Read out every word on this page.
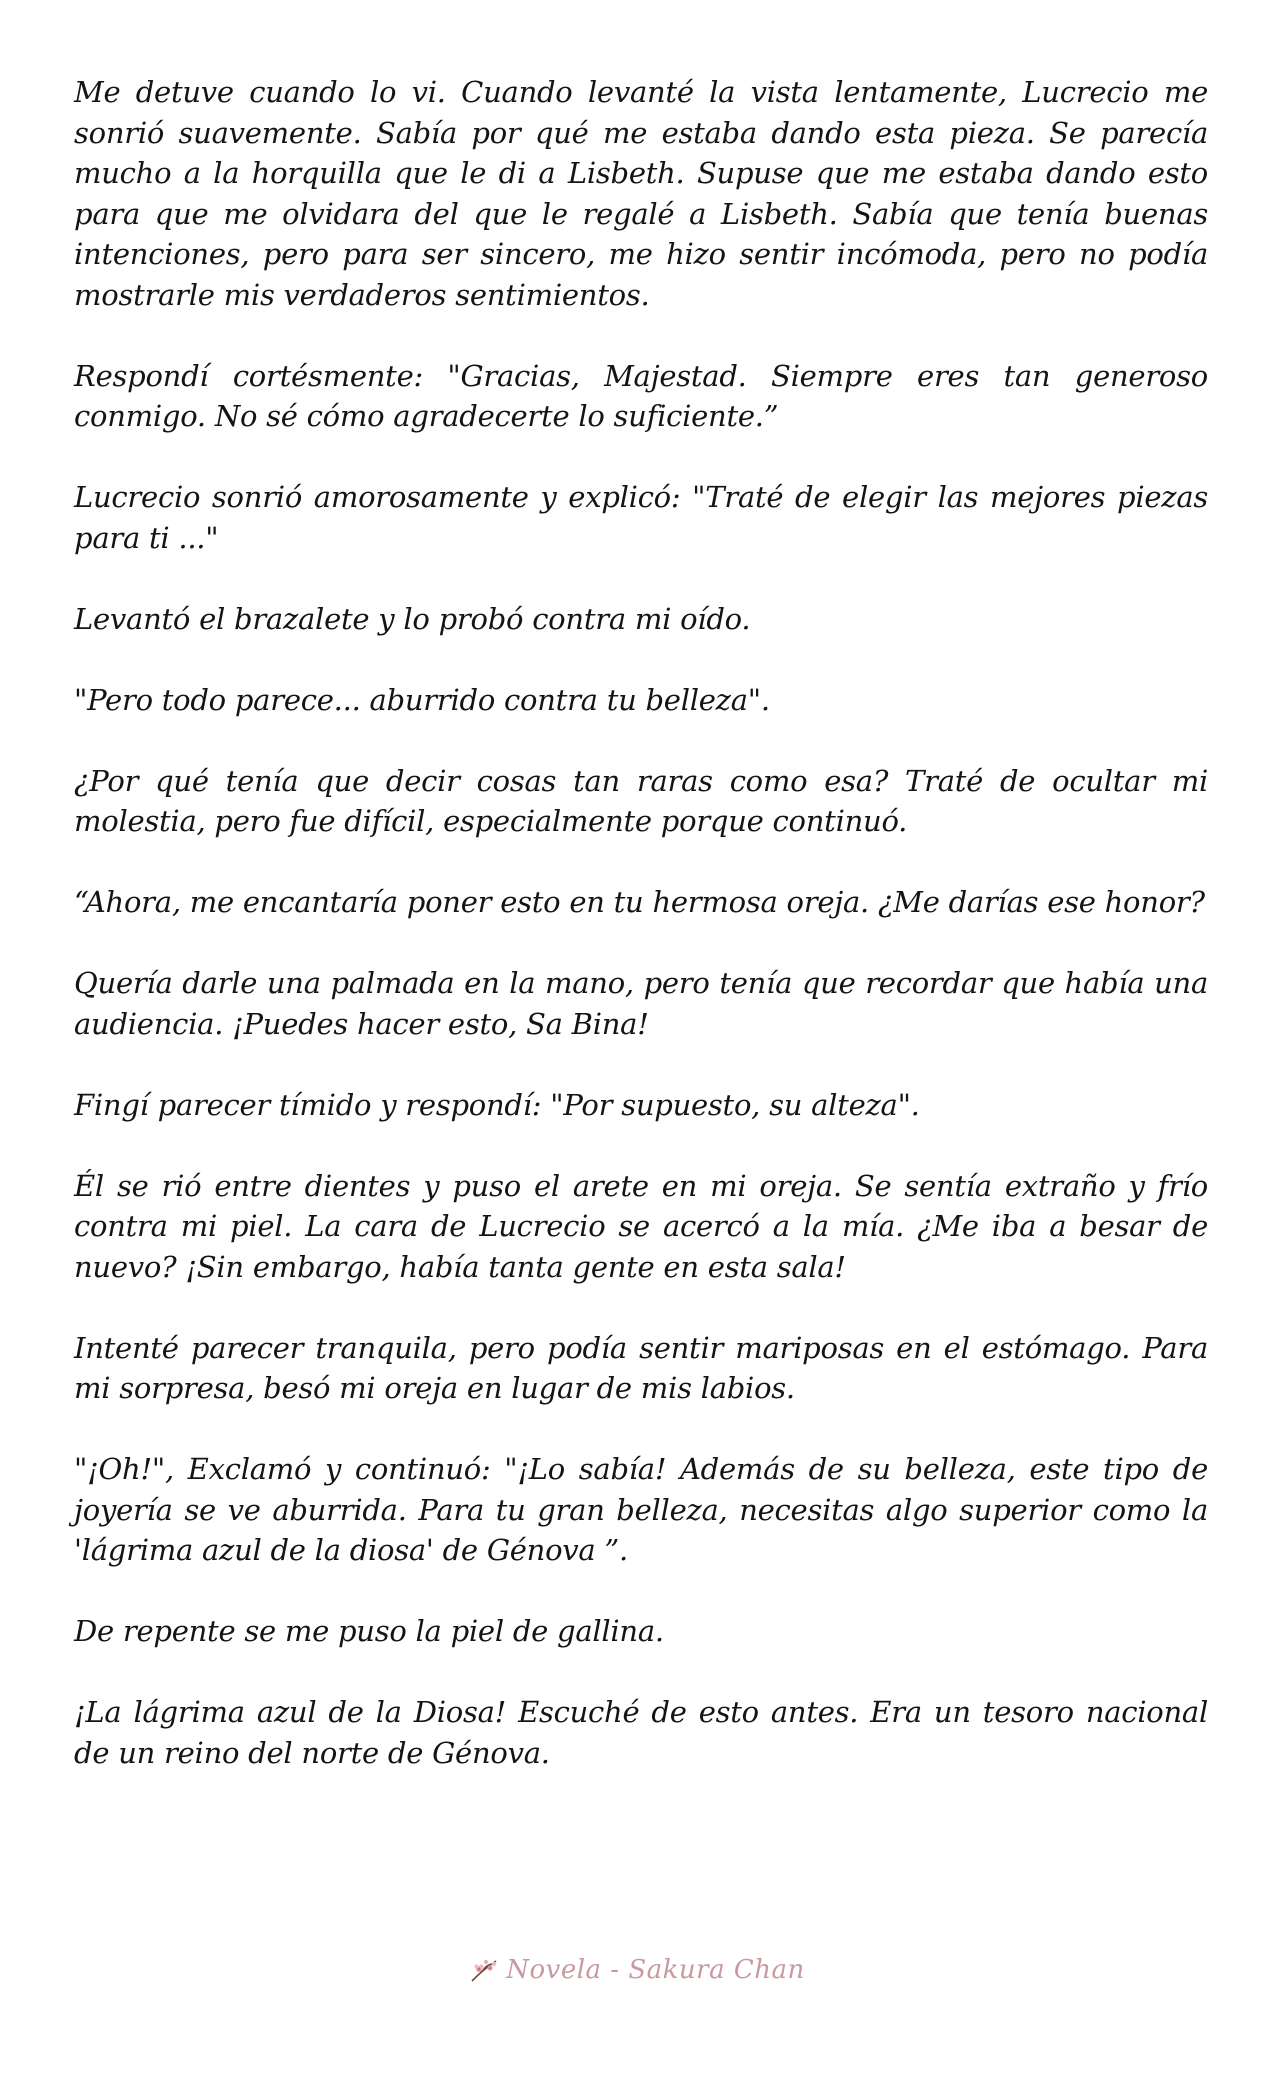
Me detuve cuando lo vi. Cuando levanté la vista lentamente, Lucrecio me sonrió suavemente. Sabía por qué me estaba dando esta pieza. Se parecía mucho a la horquilla que le di a Lisbeth. Supuse que me estaba dando esto para que me olvidara del que le regalé a Lisbeth. Sabía que tenía buenas intenciones, pero para ser sincero, me hizo sentir incómoda, pero no podía mostrarle mis verdaderos sentimientos.

Respondí cortésmente: "Gracias, Majestad. Siempre eres tan generoso conmigo. No sé cómo agradecerte lo suficiente.”

Lucrecio sonrió amorosamente y explicó: "Traté de elegir las mejores piezas para ti ..."

Levantó el brazalete y lo probó contra mi oído.

"Pero todo parece... aburrido contra tu belleza".

¿Por qué tenía que decir cosas tan raras como esa? Traté de ocultar mi molestia, pero fue difícil, especialmente porque continuó.

“Ahora, me encantaría poner esto en tu hermosa oreja. ¿Me darías ese honor?

Quería darle una palmada en la mano, pero tenía que recordar que había una audiencia. ¡Puedes hacer esto, Sa Bina!

Fingí parecer tímido y respondí: "Por supuesto, su alteza".

Él se rió entre dientes y puso el arete en mi oreja. Se sentía extraño y frío contra mi piel. La cara de Lucrecio se acercó a la mía. ¿Me iba a besar de nuevo? ¡Sin embargo, había tanta gente en esta sala!

Intenté parecer tranquila, pero podía sentir mariposas en el estómago. Para mi sorpresa, besó mi oreja en lugar de mis labios.

"¡Oh!", Exclamó y continuó: "¡Lo sabía! Además de su belleza, este tipo de joyería se ve aburrida. Para tu gran belleza, necesitas algo superior como la 'lágrima azul de la diosa' de Génova ”.

De repente se me puso la piel de gallina.

¡La lágrima azul de la Diosa! Escuché de esto antes. Era un tesoro nacional de un reino del norte de Génova.

Novela - Sakura Chan
